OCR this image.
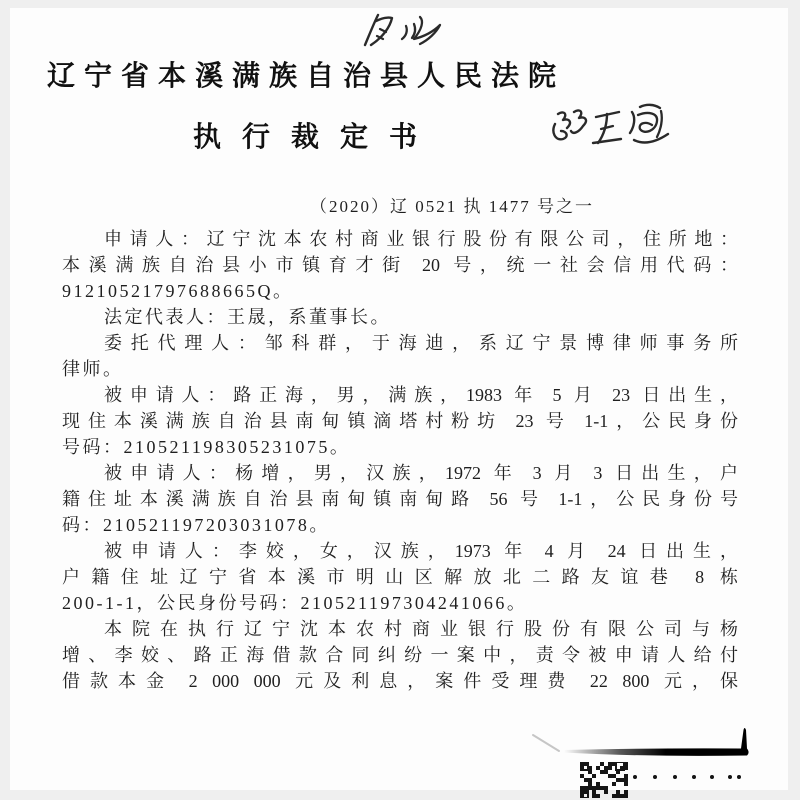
辽宁省本溪满族自治县人民法院
执行裁定书
（2020）辽 0521 执 1477 号之一
申请人：辽宁沈本农村商业银行股份有限公司，住所地：
本溪满族自治县小市镇育才街 20 号，统一社会信用代码：
91210521797688665Q。
法定代表人：王晟，系董事长。
委托代理人：邹科群，于海迪，系辽宁景博律师事务所
律师。
被申请人：路正海，男，满族，1983 年 5 月 23 日出生，
现住本溪满族自治县南甸镇滴塔村粉坊 23 号 1-1，公民身份
号码：210521198305231075。
被申请人：杨增，男，汉族，1972 年 3 月 3 日出生，户
籍住址本溪满族自治县南甸镇南甸路 56 号 1-1，公民身份号
码：210521197203031078。
被申请人：李姣，女，汉族，1973 年 4 月 24 日出生，
户籍住址辽宁省本溪市明山区解放北二路友谊巷 8 栋
200-1-1，公民身份号码：210521197304241066。
本院在执行辽宁沈本农村商业银行股份有限公司与杨
增、李姣、路正海借款合同纠纷一案中，责令被申请人给付
借款本金 2 000 000 元及利息，案件受理费 22 800 元，保
